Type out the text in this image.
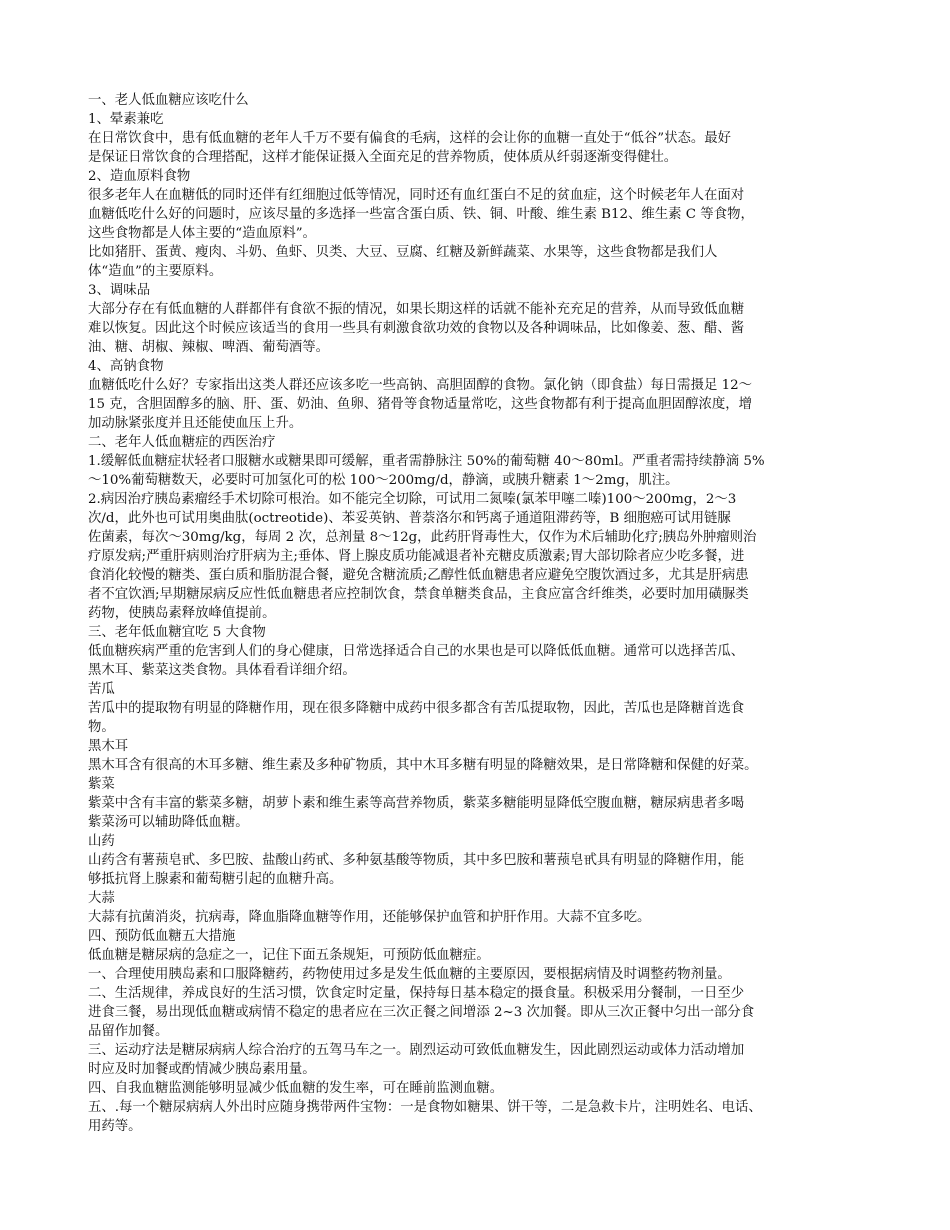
一、老人低血糖应该吃什么
1、晕素兼吃
在日常饮食中，患有低血糖的老年人千万不要有偏食的毛病，这样的会让你的血糖一直处于“低谷”状态。最好
是保证日常饮食的合理搭配，这样才能保证摄入全面充足的营养物质，使体质从纤弱逐渐变得健壮。
2、造血原料食物
很多老年人在血糖低的同时还伴有红细胞过低等情况，同时还有血红蛋白不足的贫血症，这个时候老年人在面对
血糖低吃什么好的问题时，应该尽量的多选择一些富含蛋白质、铁、铜、叶酸、维生素 B12、维生素 C 等食物，
这些食物都是人体主要的“造血原料”。
比如猪肝、蛋黄、瘦肉、斗奶、鱼虾、贝类、大豆、豆腐、红糖及新鲜蔬菜、水果等，这些食物都是我们人
体“造血”的主要原料。
3、调味品
大部分存在有低血糖的人群都伴有食欲不振的情况，如果长期这样的话就不能补充充足的营养，从而导致低血糖
难以恢复。因此这个时候应该适当的食用一些具有刺激食欲功效的食物以及各种调味品，比如像姜、葱、醋、酱
油、糖、胡椒、辣椒、啤酒、葡萄酒等。
4、高钠食物
血糖低吃什么好？专家指出这类人群还应该多吃一些高钠、高胆固醇的食物。氯化钠（即食盐）每日需摄足 12～
15 克，含胆固醇多的脑、肝、蛋、奶油、鱼卵、猪骨等食物适量常吃，这些食物都有利于提高血胆固醇浓度，增
加动脉紧张度并且还能使血压上升。
二、老年人低血糖症的西医治疗
1.缓解低血糖症状轻者口服糖水或糖果即可缓解，重者需静脉注 50%的葡萄糖 40～80ml。严重者需持续静滴 5%
～10%葡萄糖数天，必要时可加氢化可的松 100～200mg/d，静滴，或胰升糖素 1～2mg，肌注。
2.病因治疗胰岛素瘤经手术切除可根治。如不能完全切除，可试用二氮嗪(氯苯甲噻二嗪)100～200mg，2～3
次/d，此外也可试用奥曲肽(octreotide)、苯妥英钠、普萘洛尔和钙离子通道阻滞药等，B 细胞癌可试用链脲
佐菌素，每次～30mg/kg，每周 2 次，总剂量 8～12g，此药肝肾毒性大，仅作为术后辅助化疗;胰岛外肿瘤则治
疗原发病;严重肝病则治疗肝病为主;垂体、肾上腺皮质功能减退者补充糖皮质激素;胃大部切除者应少吃多餐，进
食消化较慢的糖类、蛋白质和脂肪混合餐，避免含糖流质;乙醇性低血糖患者应避免空腹饮酒过多，尤其是肝病患
者不宜饮酒;早期糖尿病反应性低血糖患者应控制饮食，禁食单糖类食品，主食应富含纤维类，必要时加用磺脲类
药物，使胰岛素释放峰值提前。
三、老年低血糖宜吃 5 大食物
低血糖疾病严重的危害到人们的身心健康，日常选择适合自己的水果也是可以降低低血糖。通常可以选择苦瓜、
黑木耳、紫菜这类食物。具体看看详细介绍。
苦瓜
苦瓜中的提取物有明显的降糖作用，现在很多降糖中成药中很多都含有苦瓜提取物，因此，苦瓜也是降糖首选食
物。
黑木耳
黑木耳含有很高的木耳多糖、维生素及多种矿物质，其中木耳多糖有明显的降糖效果，是日常降糖和保健的好菜。
紫菜
紫菜中含有丰富的紫菜多糖，胡萝卜素和维生素等高营养物质，紫菜多糖能明显降低空腹血糖，糖尿病患者多喝
紫菜汤可以辅助降低血糖。
山药
山药含有薯蓣皂甙、多巴胺、盐酸山药甙、多种氨基酸等物质，其中多巴胺和薯蓣皂甙具有明显的降糖作用，能
够抵抗肾上腺素和葡萄糖引起的血糖升高。
大蒜
大蒜有抗菌消炎，抗病毒，降血脂降血糖等作用，还能够保护血管和护肝作用。大蒜不宜多吃。
四、预防低血糖五大措施
低血糖是糖尿病的急症之一，记住下面五条规矩，可预防低血糖症。
一、合理使用胰岛素和口服降糖药，药物使用过多是发生低血糖的主要原因，要根据病情及时调整药物剂量。
二、生活规律，养成良好的生活习惯，饮食定时定量，保持每日基本稳定的摄食量。积极采用分餐制，一日至少
进食三餐，易出现低血糖或病情不稳定的患者应在三次正餐之间增添 2~3 次加餐。即从三次正餐中匀出一部分食
品留作加餐。
三、运动疗法是糖尿病病人综合治疗的五驾马车之一。剧烈运动可致低血糖发生，因此剧烈运动或体力活动增加
时应及时加餐或酌情减少胰岛素用量。
四、自我血糖监测能够明显减少低血糖的发生率，可在睡前监测血糖。
五、.每一个糖尿病病人外出时应随身携带两件宝物：一是食物如糖果、饼干等，二是急救卡片，注明姓名、电话、
用药等。
